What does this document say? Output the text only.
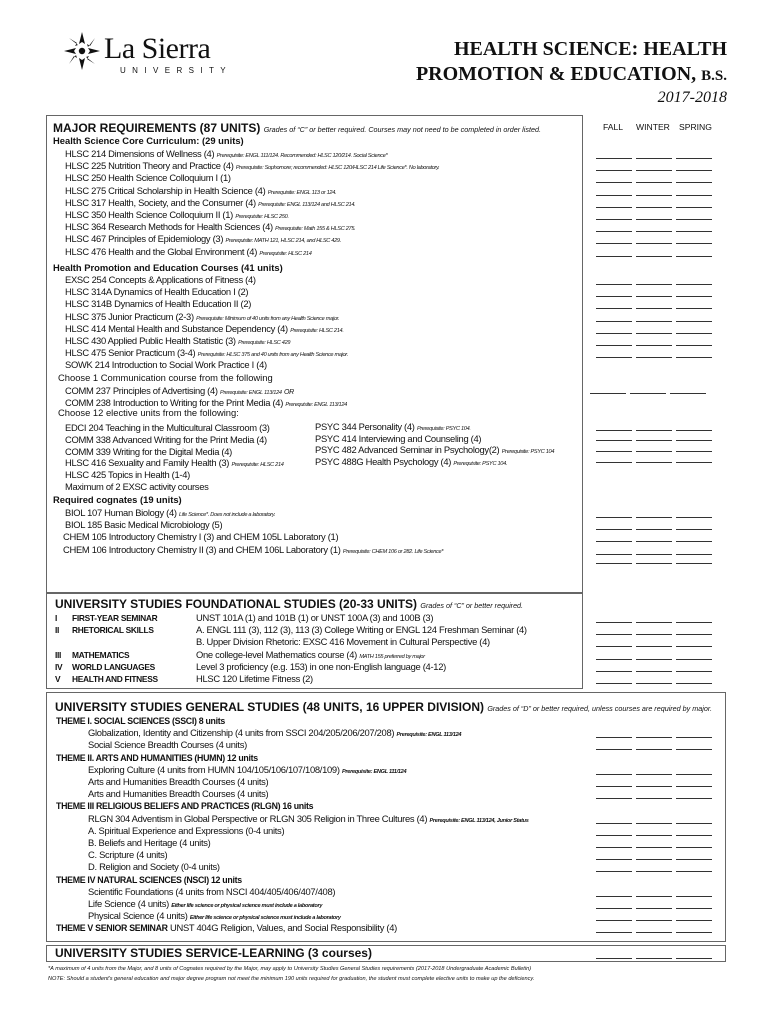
La Sierra
UNIVERSITY
HEALTH SCIENCE: HEALTH
PROMOTION & EDUCATION, B.S.
2017-2018
MAJOR REQUIREMENTS (87 UNITS) Grades of “C” or better required. Courses may not need to be completed in order listed.	FALL WINTER SPRING
Health Science Core Curriculum: (29 units)
HLSC 214 Dimensions of Wellness (4) Prerequisite: ENGL 111/124. Recommended: HLSC 120/214. Social Science*
HLSC 225 Nutrition Theory and Practice (4) Prerequisite: Sophomore; recommended: HLSC 120/HLSC 214 Life Science*. No laboratory.
HLSC 250 Health Science Colloquium I (1)
HLSC 275 Critical Scholarship in Health Science (4) Prerequisite: ENGL 113 or 124.
HLSC 317 Health, Society, and the Consumer (4) Prerequisite: ENGL 113/124 and HLSC 214.
HLSC 350 Health Science Colloquium II (1) Prerequisite: HLSC 250.
HLSC 364 Research Methods for Health Sciences (4) Prerequisite: Math 155 & HLSC 275.
HLSC 467 Principles of Epidemiology (3) Prerequisite: MATH 121, HLSC 214, and HLSC 429.
HLSC 476 Health and the Global Environment (4) Prerequisite: HLSC 214
Health Promotion and Education Courses (41 units)
EXSC 254 Concepts & Applications of Fitness (4)
HLSC 314A Dynamics of Health Education I (2)
HLSC 314B Dynamics of Health Education II (2)
HLSC 375 Junior Practicum (2-3) Prerequisite: Minimum of 40 units from any Health Science major.
HLSC 414 Mental Health and Substance Dependency (4) Prerequisite: HLSC 214.
HLSC 430 Applied Public Health Statistic (3) Prerequisite: HLSC 429
HLSC 475 Senior Practicum (3-4) Prerequisite: HLSC 375 and 40 units from any Health Science major.
SOWK 214 Introduction to Social Work Practice I (4)
Choose 1 Communication course from the following
COMM 237 Principles of Advertising (4) Prerequisite: ENGL 113/124 OR
COMM 238 Introduction to Writing for the Print Media (4) Prerequisite: ENGL 113/124
Choose 12 elective units from the following:
EDCI 204 Teaching in the Multicultural Classroom (3)
COMM 338 Advanced Writing for the Print Media (4)
COMM 339 Writing for the Digital Media (4)
HLSC 416 Sexuality and Family Health (3) Prerequisite: HLSC 214
HLSC 425 Topics in Health (1-4)
Maximum of 2 EXSC activity courses
PSYC 344 Personality (4) Prerequisite: PSYC 104.
PSYC 414 Interviewing and Counseling (4)
PSYC 482 Advanced Seminar in Psychology(2) Prerequisite: PSYC 104
PSYC 488G Health Psychology (4) Prerequisite: PSYC 104.
Required cognates (19 units)
BIOL 107 Human Biology (4) Life Science*. Does not include a laboratory.
BIOL 185 Basic Medical Microbiology (5)
CHEM 105 Introductory Chemistry I (3) and CHEM 105L Laboratory (1)
CHEM 106 Introductory Chemistry II (3) and CHEM 106L Laboratory (1) Prerequisite: CHEM 106 or 282. Life Science*
UNIVERSITY STUDIES FOUNDATIONAL STUDIES (20-33 UNITS) Grades of “C” or better required.
I FIRST-YEAR SEMINAR	UNST 101A (1) and 101B (1) or UNST 100A (3) and 100B (3)
II RHETORICAL SKILLS	A. ENGL 111 (3), 112 (3), 113 (3) College Writing or ENGL 124 Freshman Seminar (4)
B. Upper Division Rhetoric: EXSC 416 Movement in Cultural Perspective (4)
III MATHEMATICS	One college-level Mathematics course (4) MATH 155 preferred by major
IV WORLD LANGUAGES	Level 3 proficiency (e.g. 153) in one non-English language (4-12)
V HEALTH AND FITNESS	HLSC 120 Lifetime Fitness (2)
UNIVERSITY STUDIES GENERAL STUDIES (48 UNITS, 16 UPPER DIVISION) Grades of “D” or better required, unless courses are required by major.
THEME I. SOCIAL SCIENCES (SSCI) 8 units
Globalization, Identity and Citizenship (4 units from SSCI 204/205/206/207/208) Prerequisite: ENGL 113/124
Social Science Breadth Courses (4 units)
THEME II. ARTS AND HUMANITIES (HUMN) 12 units
Exploring Culture (4 units from HUMN 104/105/106/107/108/109) Prerequisite: ENGL 111/124
Arts and Humanities Breadth Courses (4 units)
Arts and Humanities Breadth Courses (4 units)
THEME III RELIGIOUS BELIEFS AND PRACTICES (RLGN) 16 units
RLGN 304 Adventism in Global Perspective or RLGN 305 Religion in Three Cultures (4) Prerequisite: ENGL 113/124, Junior Status
A. Spiritual Experience and Expressions (0-4 units)
B. Beliefs and Heritage (4 units)
C. Scripture (4 units)
D. Religion and Society (0-4 units)
THEME IV NATURAL SCIENCES (NSCI) 12 units
Scientific Foundations (4 units from NSCI 404/405/406/407/408)
Life Science (4 units) Either life science or physical science must include a laboratory
Physical Science (4 units) Either life science or physical science must include a laboratory
THEME V SENIOR SEMINAR UNST 404G Religion, Values, and Social Responsibility (4)
UNIVERSITY STUDIES SERVICE-LEARNING (3 courses)
*A maximum of 4 units from the Major, and 8 units of Cognates required by the Major, may apply to University Studies General Studies requirements (2017-2018 Undergraduate Academic Bulletin)
NOTE: Should a student's general education and major degree program not meet the minimum 190 units required for graduation, the student must complete elective units to make up the deficiency.
